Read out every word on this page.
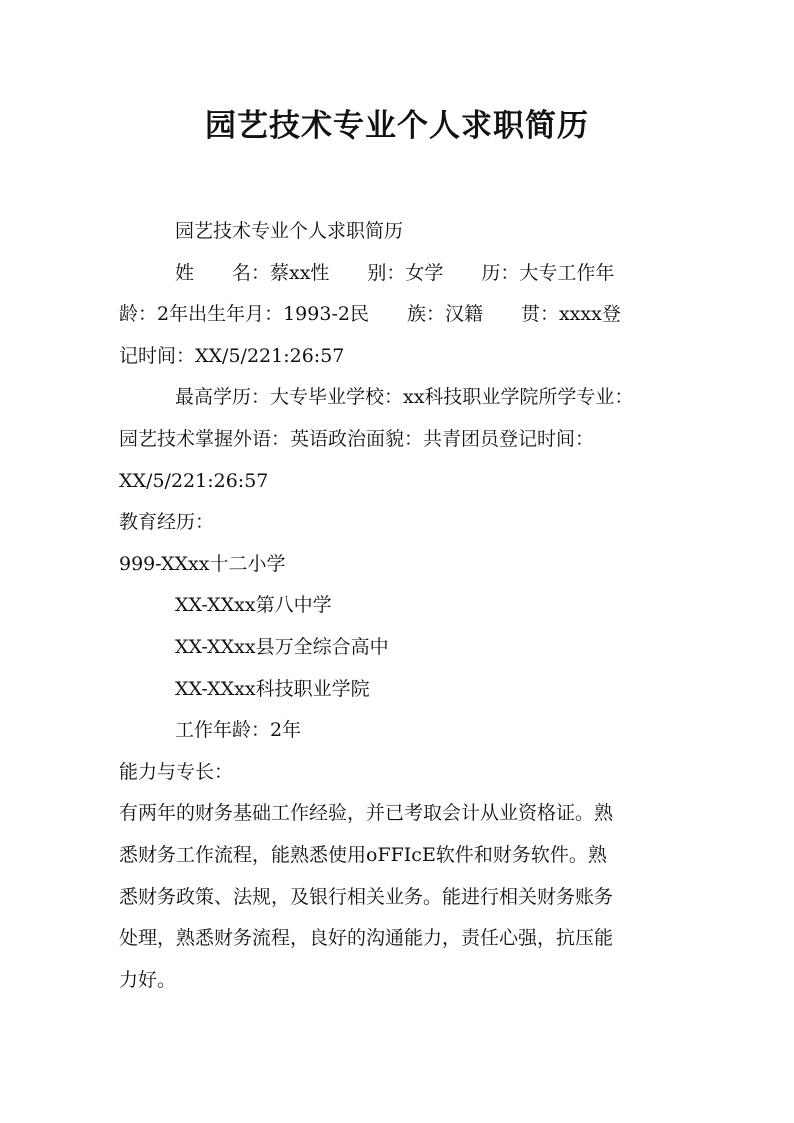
园艺技术专业个人求职简历
园艺技术专业个人求职简历
姓　　名：蔡xx性　　别：女学　　历：大专工作年
龄：2年出生年月：1993-2民　　族：汉籍　　贯：xxxx登
记时间：XX/5/221:26:57
最高学历：大专毕业学校：xx科技职业学院所学专业：
园艺技术掌握外语：英语政治面貌：共青团员登记时间：
XX/5/221:26:57
教育经历：
999-XXxx十二小学
XX-XXxx第八中学
XX-XXxx县万全综合高中
XX-XXxx科技职业学院
工作年龄：2年
能力与专长：
有两年的财务基础工作经验，并已考取会计从业资格证。熟
悉财务工作流程，能熟悉使用oFFIcE软件和财务软件。熟
悉财务政策、法规，及银行相关业务。能进行相关财务账务
处理，熟悉财务流程，良好的沟通能力，责任心强，抗压能
力好。
